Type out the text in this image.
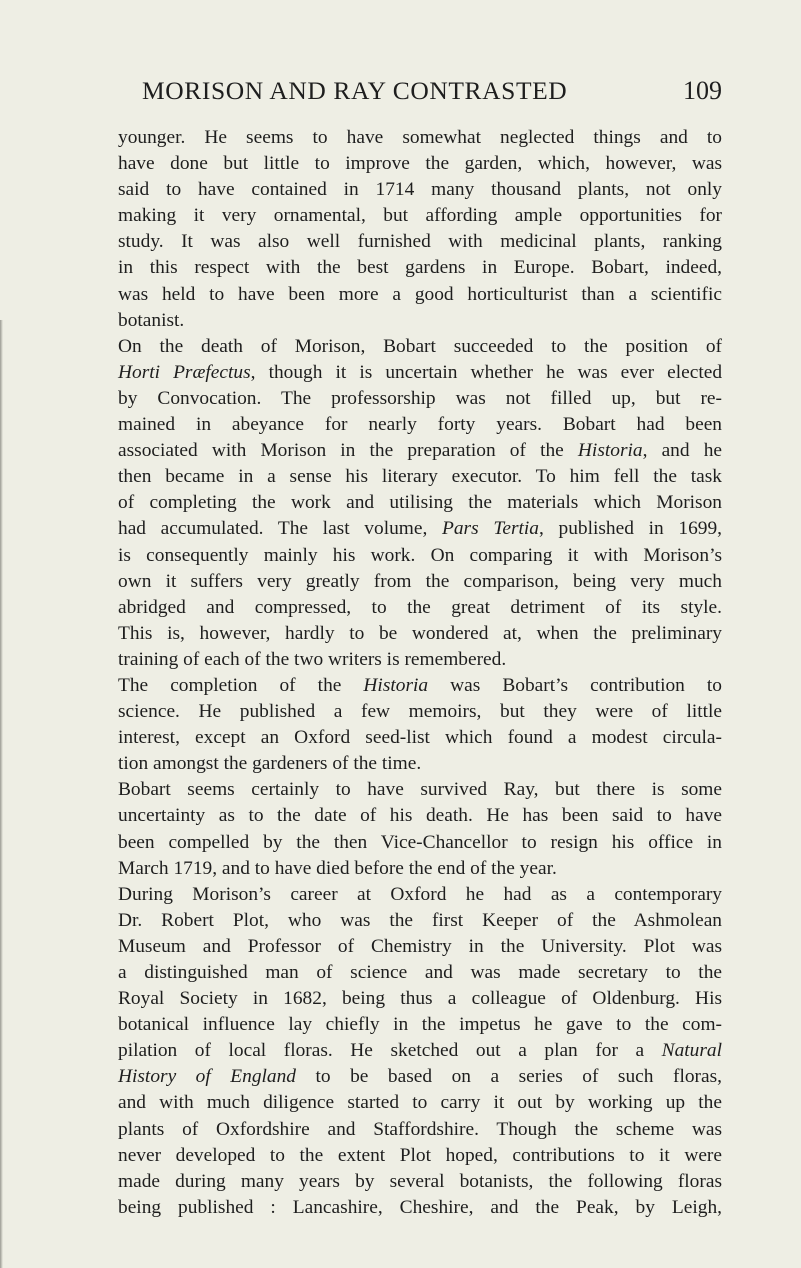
MORISON AND RAY CONTRASTED	109
younger. He seems to have somewhat neglected things and to
have done but little to improve the garden, which, however, was
said to have contained in 1714 many thousand plants, not only
making it very ornamental, but affording ample opportunities for
study. It was also well furnished with medicinal plants, ranking
in this respect with the best gardens in Europe. Bobart, indeed,
was held to have been more a good horticulturist than a scientific
botanist.
On the death of Morison, Bobart succeeded to the position of
Horti Præfectus, though it is uncertain whether he was ever elected
by Convocation. The professorship was not filled up, but re-
mained in abeyance for nearly forty years. Bobart had been
associated with Morison in the preparation of the Historia, and he
then became in a sense his literary executor. To him fell the task
of completing the work and utilising the materials which Morison
had accumulated. The last volume, Pars Tertia, published in 1699,
is consequently mainly his work. On comparing it with Morison’s
own it suffers very greatly from the comparison, being very much
abridged and compressed, to the great detriment of its style.
This is, however, hardly to be wondered at, when the preliminary
training of each of the two writers is remembered.
The completion of the Historia was Bobart’s contribution to
science. He published a few memoirs, but they were of little
interest, except an Oxford seed-list which found a modest circula-
tion amongst the gardeners of the time.
Bobart seems certainly to have survived Ray, but there is some
uncertainty as to the date of his death. He has been said to have
been compelled by the then Vice-Chancellor to resign his office in
March 1719, and to have died before the end of the year.
During Morison’s career at Oxford he had as a contemporary
Dr. Robert Plot, who was the first Keeper of the Ashmolean
Museum and Professor of Chemistry in the University. Plot was
a distinguished man of science and was made secretary to the
Royal Society in 1682, being thus a colleague of Oldenburg. His
botanical influence lay chiefly in the impetus he gave to the com-
pilation of local floras. He sketched out a plan for a Natural
History of England to be based on a series of such floras,
and with much diligence started to carry it out by working up the
plants of Oxfordshire and Staffordshire. Though the scheme was
never developed to the extent Plot hoped, contributions to it were
made during many years by several botanists, the following floras
being published : Lancashire, Cheshire, and the Peak, by Leigh,
